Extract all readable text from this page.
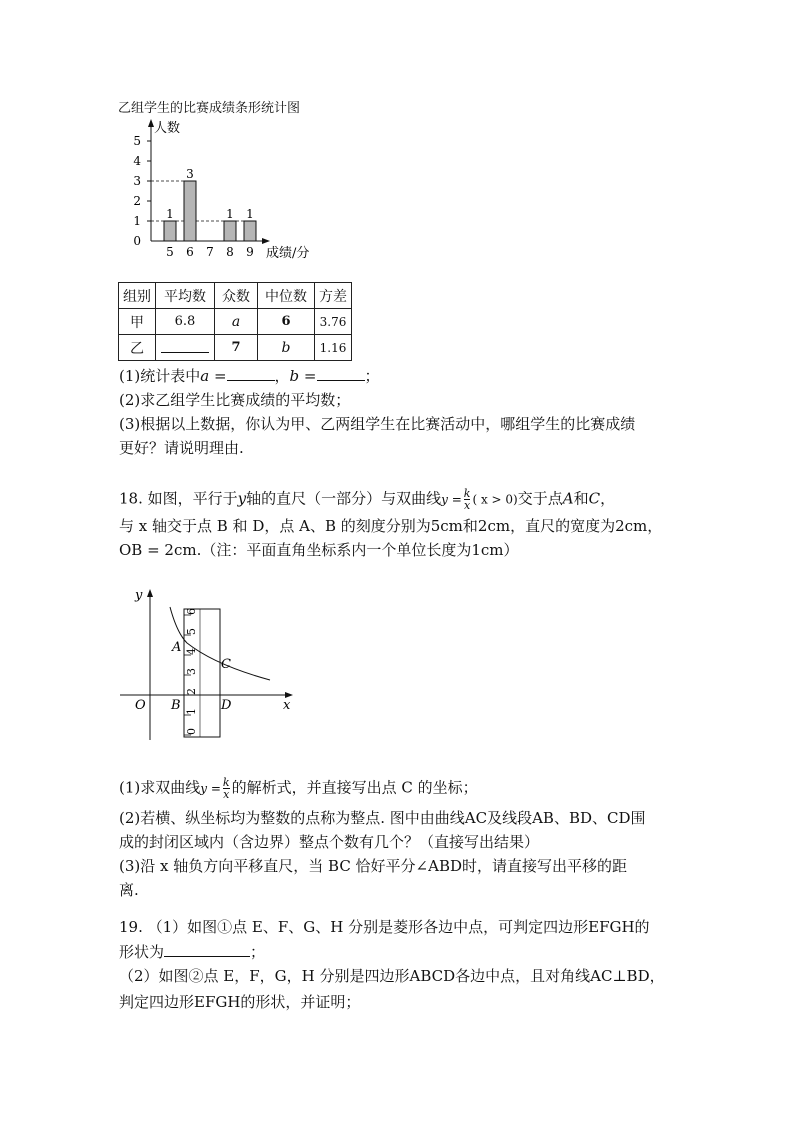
乙组学生的比赛成绩条形统计图
人数
成绩/分
0
1
2
3
4
5
1
5
3
6 7
1
8
1
9
组别	平均数	众数	中位数	方差
甲	6.8	a	6	3.76
乙		7	b	1.16
(1)统计表中a =	，b =	；
(2)求乙组学生比赛成绩的平均数；
(3)根据以上数据，你认为甲、乙两组学生在比赛活动中，哪组学生的比赛成绩
更好？请说明理由.
18. 如图，平行于y轴的直尺（一部分）与双曲线$y = \frac{k}{x}$ ( x > 0)交于点A和C，
与 x 轴交于点 B 和 D，点 A、B 的刻度分别为5cm和2cm，直尺的宽度为2cm，
OB = 2cm.（注：平面直角坐标系内一个单位长度为1cm）
0
1
2
3
4
5
6
y
x
O
A
B
C
D
(1)求双曲线$y = \frac{k}{x}$ 的解析式，并直接写出点 C 的坐标；
(2)若横、纵坐标均为整数的点称为整点. 图中由曲线AC及线段AB、BD、CD围
成的封闭区域内（含边界）整点个数有几个？（直接写出结果）
(3)沿 x 轴负方向平移直尺，当 BC 恰好平分∠ABD时，请直接写出平移的距
离.
19. （1）如图①点 E、F、G、H 分别是菱形各边中点，可判定四边形EFGH的
形状为	；
（2）如图②点 E，F，G，H 分别是四边形ABCD各边中点，且对角线AC⊥BD，
判定四边形EFGH的形状，并证明；
